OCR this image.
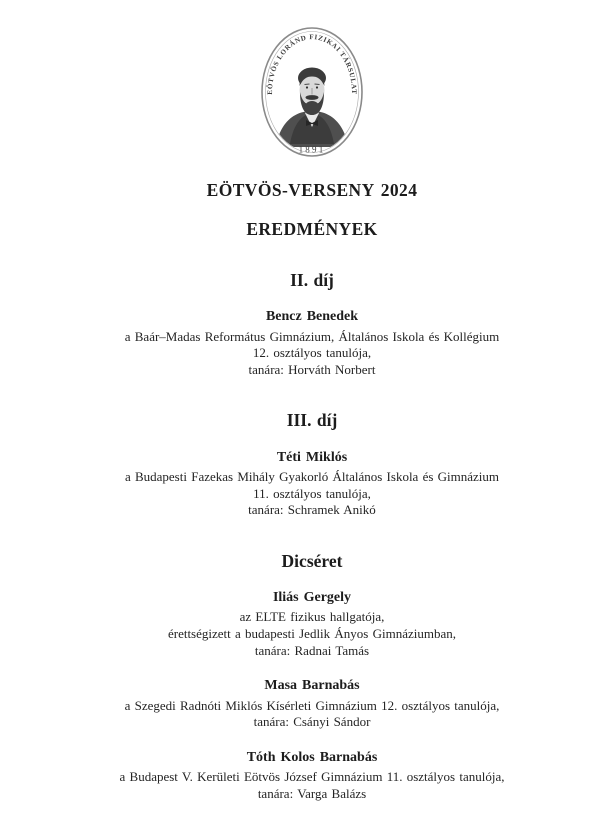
EÖTVÖS LORÁND FIZIKAI TÁRSULAT
1891
EÖTVÖS-VERSENY 2024
EREDMÉNYEK
II. díj
Bencz Benedek
a Baár–Madas Református Gimnázium, Általános Iskola és Kollégium
12. osztályos tanulója,
tanára: Horváth Norbert
III. díj
Téti Miklós
a Budapesti Fazekas Mihály Gyakorló Általános Iskola és Gimnázium
11. osztályos tanulója,
tanára: Schramek Anikó
Dicséret
Iliás Gergely
az ELTE fizikus hallgatója,
érettségizett a budapesti Jedlik Ányos Gimnáziumban,
tanára: Radnai Tamás
Masa Barnabás
a Szegedi Radnóti Miklós Kísérleti Gimnázium 12. osztályos tanulója,
tanára: Csányi Sándor
Tóth Kolos Barnabás
a Budapest V. Kerületi Eötvös József Gimnázium 11. osztályos tanulója,
tanára: Varga Balázs
